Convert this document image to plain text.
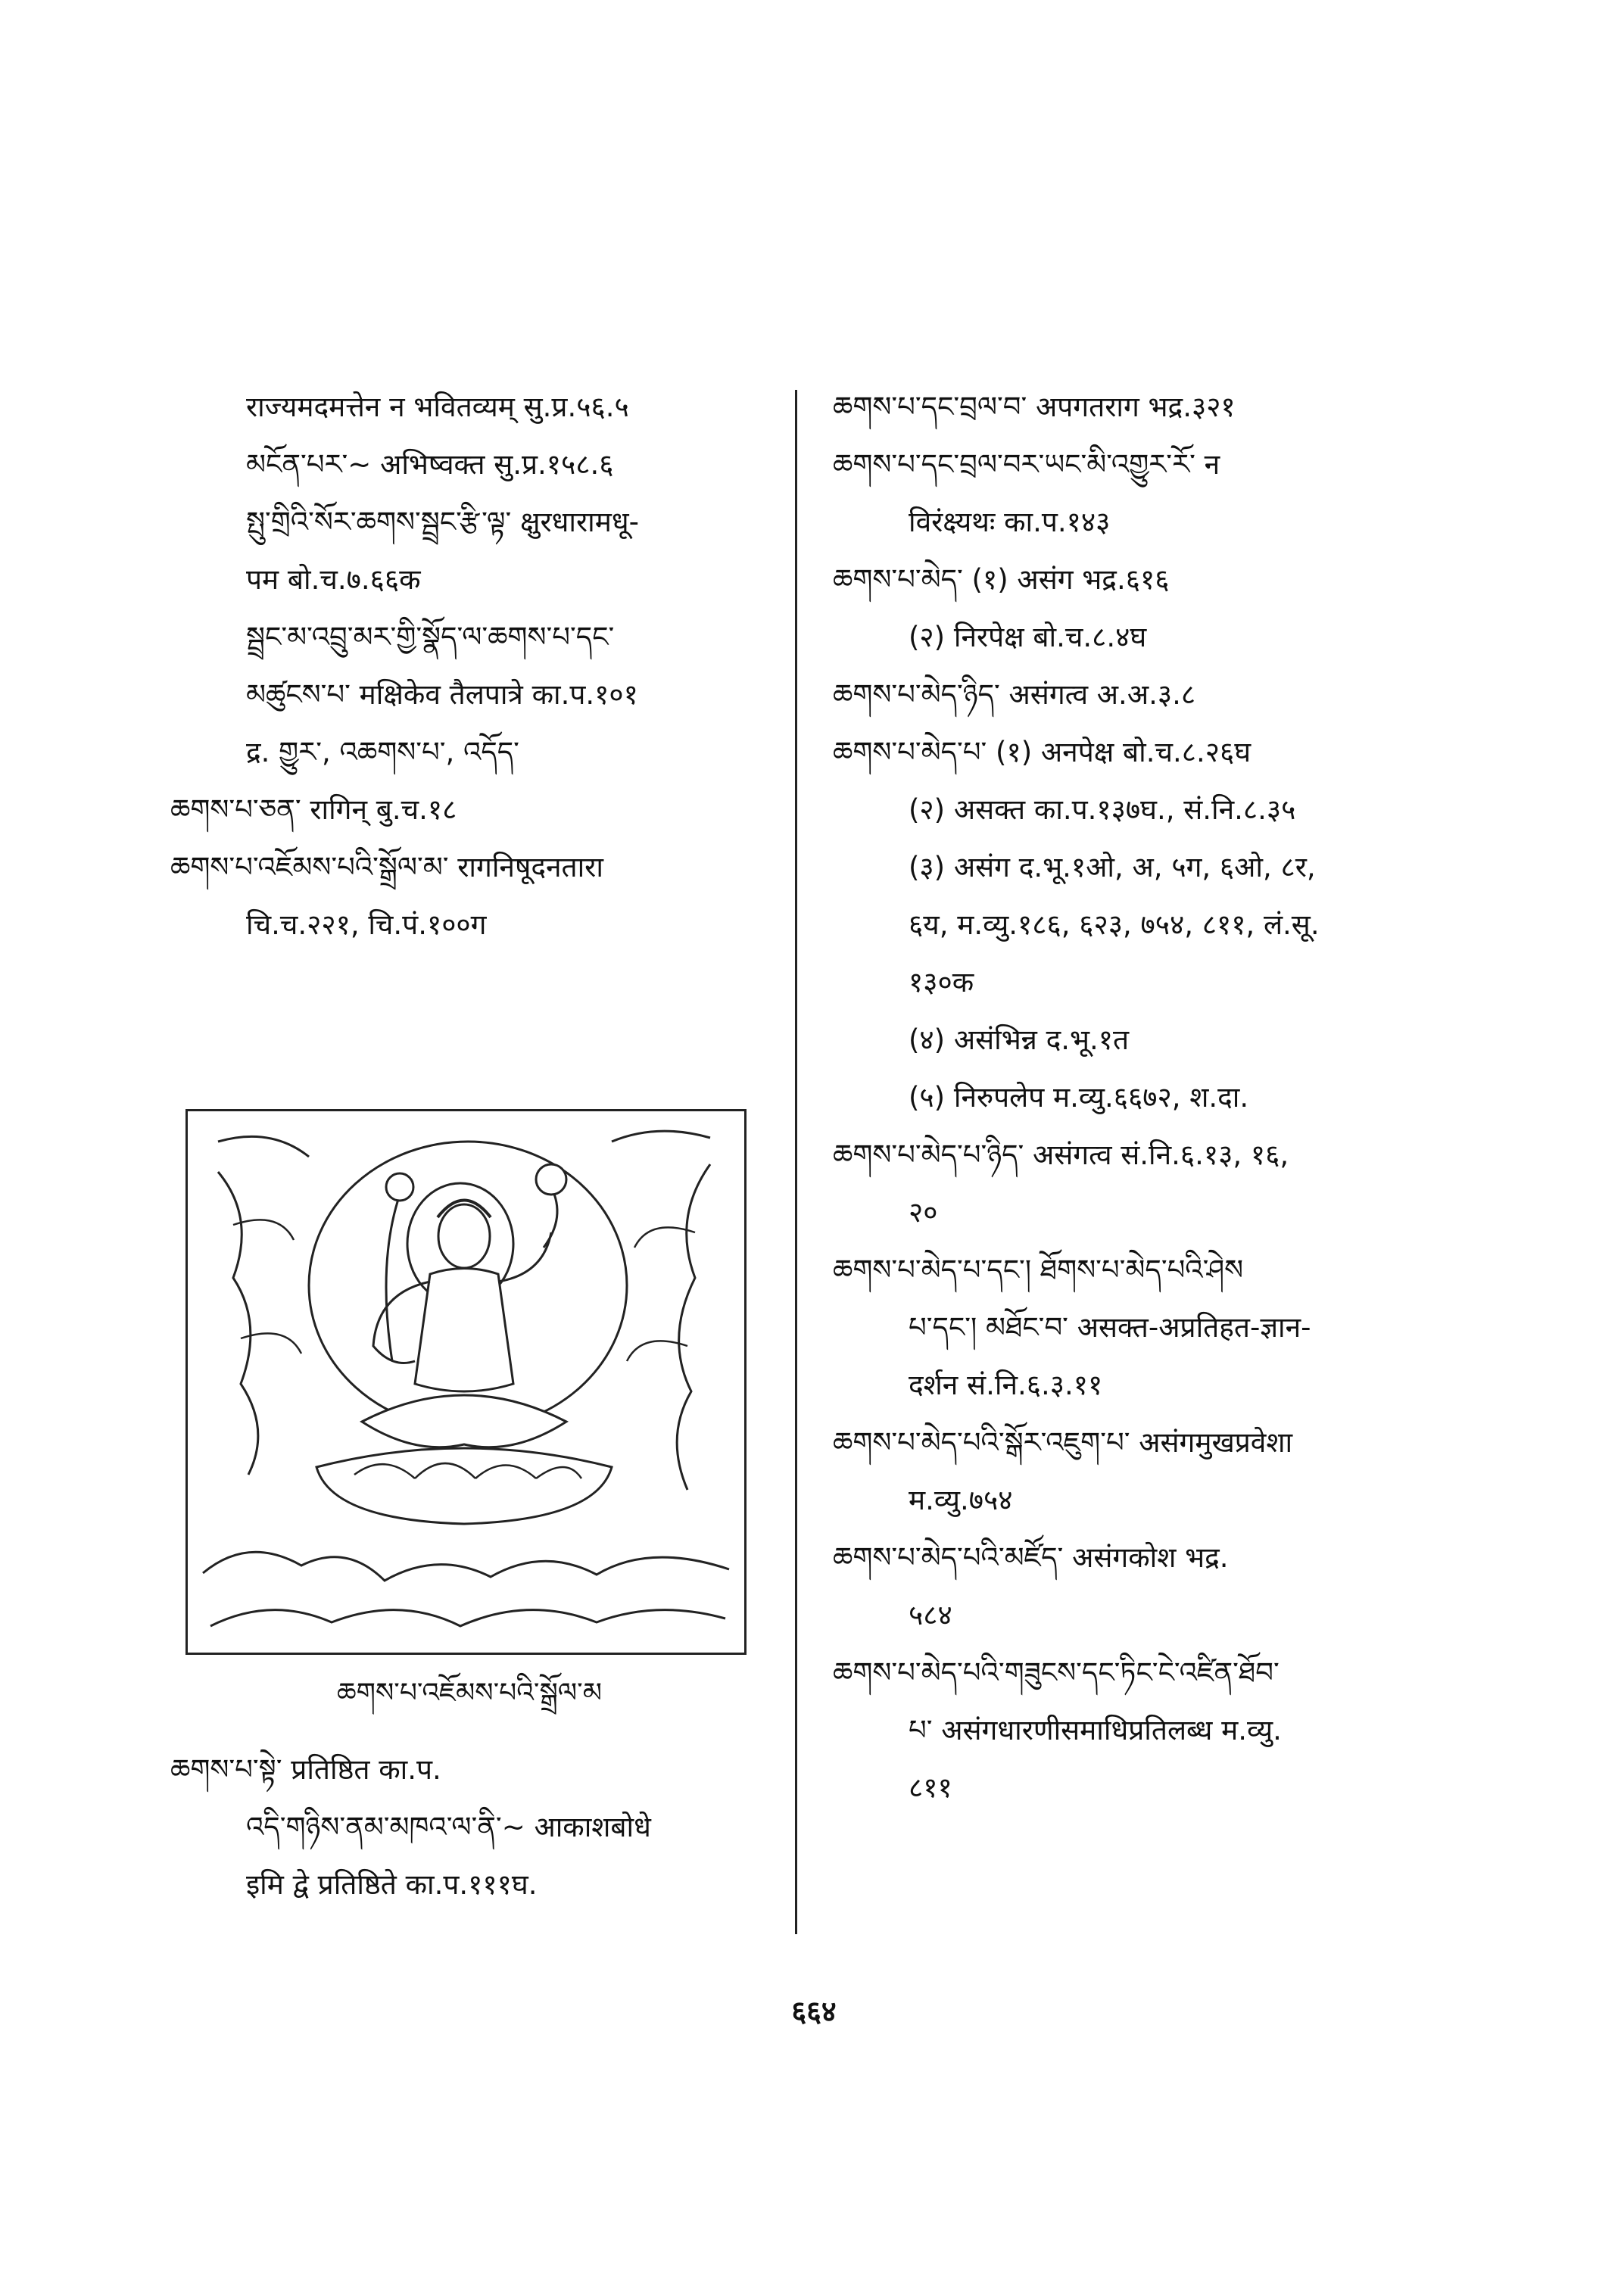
राज्यमदमत्तेन न भवितव्यम् सु.प्र.५६.५

མངོན་པར་~ अभिष्वक्त सु.प्र.१५८.६

སྤུ་གྲིའི་སོར་ཆགས་སྦྲང་རྩི་ལྟ་ क्षुरधारामधू-

पम बो.च.७.६६क

སྦྲང་མ་འབྲུ་མར་གྱི་སྣོད་ལ་ཆགས་པ་དང་

མཚུངས་པ་ मक्षिकेव तैलपात्रे का.प.१०१

द्र. གྱུར་, འཆགས་པ་, འདོད་

ཆགས་པ་ཅན་ रागिन् बु.च.१८

ཆགས་པ་འཇོམས་པའི་སྒྲོལ་མ་ रागनिषूदनतारा

चि.च.२२१, चि.पं.१००ग

ཆགས་པ་འཇོམས་པའི་སྒྲོལ་མ

ཆགས་པ་སྟེ་ प्रतिष्ठित का.प.

འདི་གཉིས་ནམ་མཁའ་ལ་ནི་~ आकाशबोधे

इमि द्वे प्रतिष्ठिते का.प.१११घ.

ཆགས་པ་དང་བྲལ་བ་ अपगतराग भद्र.३२१

ཆགས་པ་དང་བྲལ་བར་ཡང་མི་འགྱུར་རོ་ न

विरंक्ष्यथः का.प.१४३

ཆགས་པ་མེད་ (१) असंग भद्र.६१६

(२) निरपेक्ष बो.च.८.४घ

ཆགས་པ་མེད་ཉིད་ असंगत्व अ.अ.३.८

ཆགས་པ་མེད་པ་ (१) अनपेक्ष बो.च.८.२६घ

(२) असक्त का.प.१३७घ., सं.नि.८.३५

(३) असंग द.भू.१ओ, अ, ५ग, ६ओ, ८र,

६य, म.व्यु.१८६, ६२३, ७५४, ८११, लं.सू.

१३०क

(४) असंभिन्न द.भू.१त

(५) निरुपलेप म.व्यु.६६७२, श.दा.

ཆགས་པ་མེད་པ་ཉིད་ असंगत्व सं.नि.६.१३, १६,

२०

ཆགས་པ་མེད་པ་དང་། ཐོགས་པ་མེད་པའི་ཤེས

པ་དང་། མཐོང་བ་ असक्त-अप्रतिहत-ज्ञान-

दर्शन सं.नि.६.३.११

ཆགས་པ་མེད་པའི་སྒོར་འཇུག་པ་ असंगमुखप्रवेशा

म.व्यु.७५४

ཆགས་པ་མེད་པའི་མཛོད་ असंगकोश भद्र.

५८४

ཆགས་པ་མེད་པའི་གཟུངས་དང་ཏིང་ངེ་འཛིན་ཐོབ་

པ་ असंगधारणीसमाधिप्रतिलब्ध म.व्यु.

८११

६६४
